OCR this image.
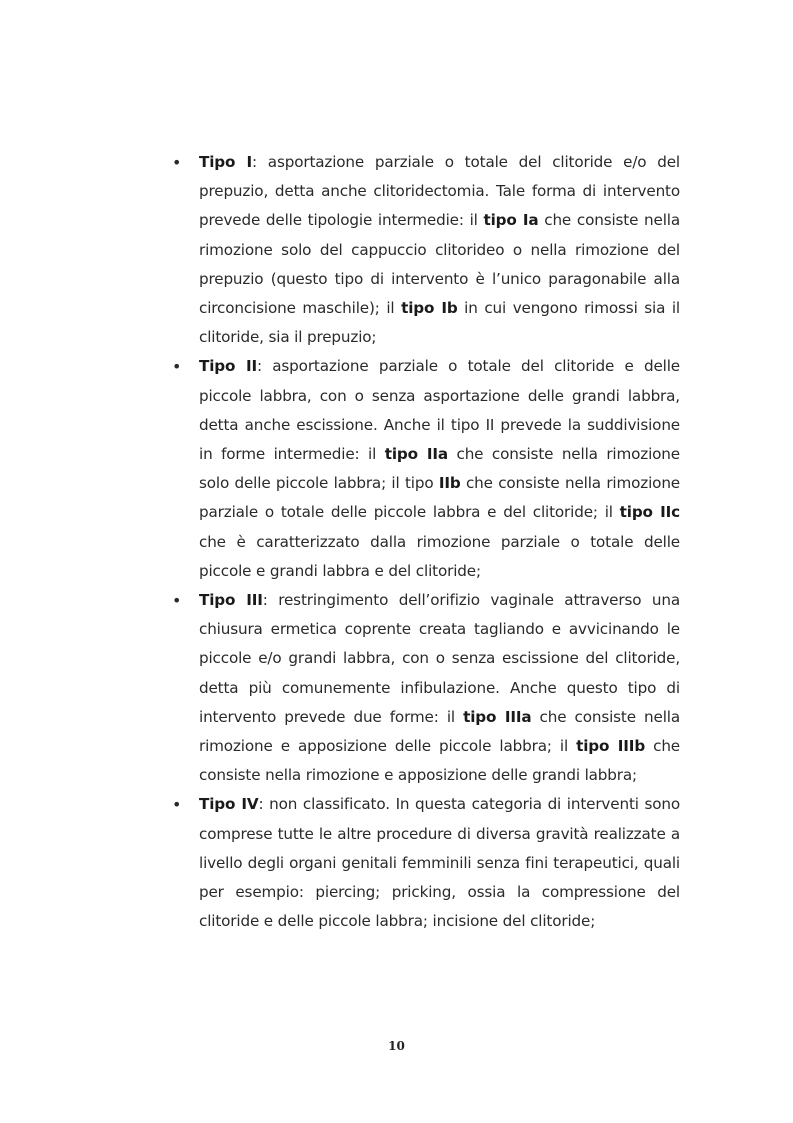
• Tipo I: asportazione parziale o totale del clitoride e/o del prepuzio, detta anche clitoridectomia. Tale forma di intervento prevede delle tipologie intermedie: il tipo Ia che consiste nella rimozione solo del cappuccio clitorideo o nella rimozione del prepuzio (questo tipo di intervento è l’unico paragonabile alla circoncisione maschile); il tipo Ib in cui vengono rimossi sia il clitoride, sia il prepuzio;
• Tipo II: asportazione parziale o totale del clitoride e delle piccole labbra, con o senza asportazione delle grandi labbra, detta anche escissione. Anche il tipo II prevede la suddivisione in forme intermedie: il tipo IIa che consiste nella rimozione solo delle piccole labbra; il tipo IIb che consiste nella rimozione parziale o totale delle piccole labbra e del clitoride; il tipo IIc che è caratterizzato dalla rimozione parziale o totale delle piccole e grandi labbra e del clitoride;
• Tipo III: restringimento dell’orifizio vaginale attraverso una chiusura ermetica coprente creata tagliando e avvicinando le piccole e/o grandi labbra, con o senza escissione del clitoride, detta più comunemente infibulazione. Anche questo tipo di intervento prevede due forme: il tipo IIIa che consiste nella rimozione e apposizione delle piccole labbra; il tipo IIIb che consiste nella rimozione e apposizione delle grandi labbra;
• Tipo IV: non classificato. In questa categoria di interventi sono comprese tutte le altre procedure di diversa gravità realizzate a livello degli organi genitali femminili senza fini terapeutici, quali per esempio: piercing; pricking, ossia la compressione del clitoride e delle piccole labbra; incisione del clitoride;
10
